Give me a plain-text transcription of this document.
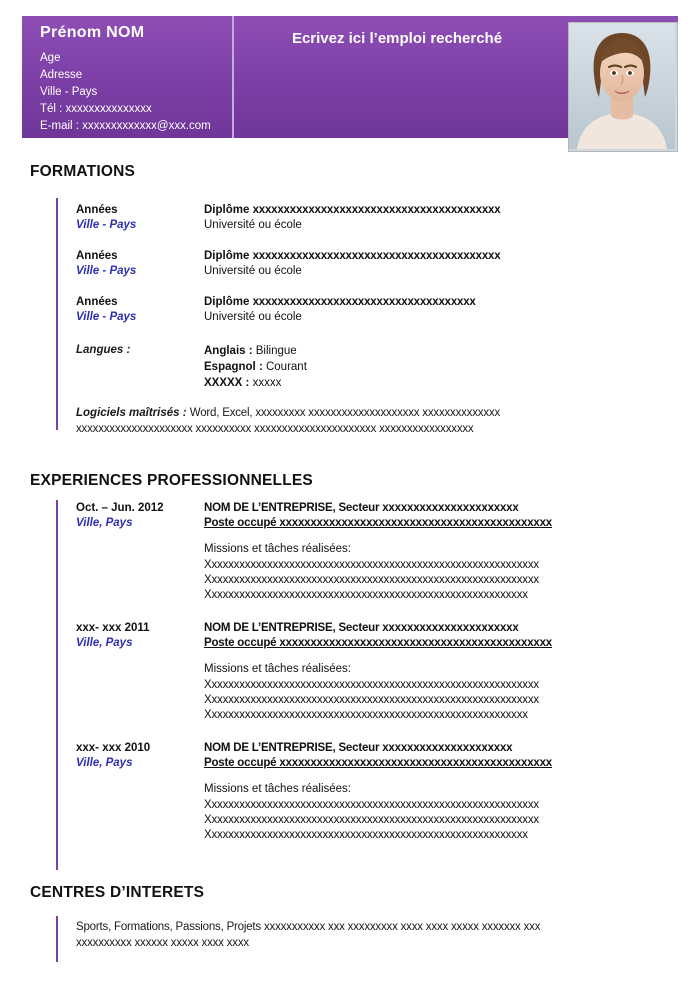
Prénom NOM
Age
Adresse
Ville - Pays
Tél : xxxxxxxxxxxxxxx
E-mail : xxxxxxxxxxxxx@xxx.com
Ecrivez ici l’emploi recherché
FORMATIONS
Années
Ville - Pays
Diplôme xxxxxxxxxxxxxxxxxxxxxxxxxxxxxxxxxxxxxxxx
Université ou école
Années
Ville - Pays
Diplôme xxxxxxxxxxxxxxxxxxxxxxxxxxxxxxxxxxxxxxxx
Université ou école
Années
Ville - Pays
Diplôme xxxxxxxxxxxxxxxxxxxxxxxxxxxxxxxxxxxx
Université ou école
Langues :	Anglais : Bilingue
Espagnol : Courant
XXXXX : xxxxx
Logiciels maîtrisés : Word, Excel, xxxxxxxxx xxxxxxxxxxxxxxxxxxxx xxxxxxxxxxxxxx
xxxxxxxxxxxxxxxxxxxxx xxxxxxxxxx xxxxxxxxxxxxxxxxxxxxxx xxxxxxxxxxxxxxxxx
EXPERIENCES PROFESSIONNELLES
Oct. – Jun. 2012
Ville, Pays
NOM DE L’ENTREPRISE, Secteur xxxxxxxxxxxxxxxxxxxxxx
Poste occupé xxxxxxxxxxxxxxxxxxxxxxxxxxxxxxxxxxxxxxxxxxxx
Missions et tâches réalisées:
Xxxxxxxxxxxxxxxxxxxxxxxxxxxxxxxxxxxxxxxxxxxxxxxxxxxxxxxxxxxx
Xxxxxxxxxxxxxxxxxxxxxxxxxxxxxxxxxxxxxxxxxxxxxxxxxxxxxxxxxxxx
Xxxxxxxxxxxxxxxxxxxxxxxxxxxxxxxxxxxxxxxxxxxxxxxxxxxxxxxxxx
xxx- xxx 2011
Ville, Pays
NOM DE L’ENTREPRISE, Secteur xxxxxxxxxxxxxxxxxxxxxx
Poste occupé xxxxxxxxxxxxxxxxxxxxxxxxxxxxxxxxxxxxxxxxxxxx
Missions et tâches réalisées:
Xxxxxxxxxxxxxxxxxxxxxxxxxxxxxxxxxxxxxxxxxxxxxxxxxxxxxxxxxxxx
Xxxxxxxxxxxxxxxxxxxxxxxxxxxxxxxxxxxxxxxxxxxxxxxxxxxxxxxxxxxx
Xxxxxxxxxxxxxxxxxxxxxxxxxxxxxxxxxxxxxxxxxxxxxxxxxxxxxxxxxx
xxx- xxx 2010
Ville, Pays
NOM DE L’ENTREPRISE, Secteur xxxxxxxxxxxxxxxxxxxxx
Poste occupé xxxxxxxxxxxxxxxxxxxxxxxxxxxxxxxxxxxxxxxxxxxx
Missions et tâches réalisées:
Xxxxxxxxxxxxxxxxxxxxxxxxxxxxxxxxxxxxxxxxxxxxxxxxxxxxxxxxxxxx
Xxxxxxxxxxxxxxxxxxxxxxxxxxxxxxxxxxxxxxxxxxxxxxxxxxxxxxxxxxxx
Xxxxxxxxxxxxxxxxxxxxxxxxxxxxxxxxxxxxxxxxxxxxxxxxxxxxxxxxxx
CENTRES D’INTERETS
Sports, Formations, Passions, Projets xxxxxxxxxxx xxx xxxxxxxxx xxxx xxxx xxxxx xxxxxxx xxx
xxxxxxxxxx xxxxxx xxxxx xxxx xxxx
